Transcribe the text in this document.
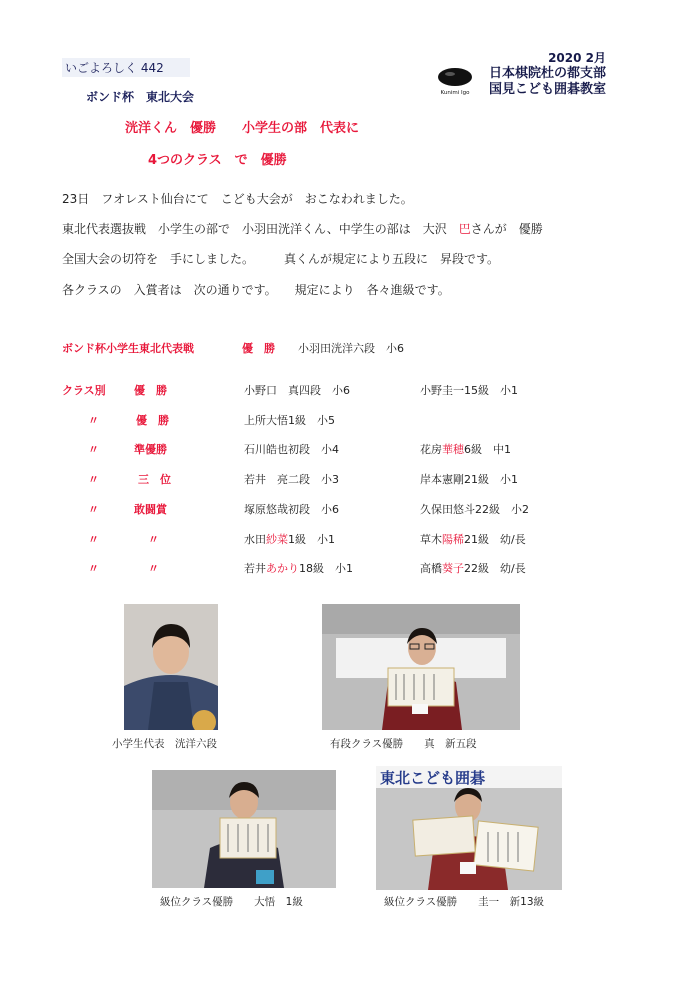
いごよろしく 442
ボンド杯　東北大会
洸洋くん　優勝　　小学生の部　代表に
4つのクラス　で　優勝
Kunimi Igo
2020 2月
日本棋院杜の都支部
国見こども囲碁教室
23日　フオレスト仙台にて　こども大会が　おこなわれました。
東北代表選抜戦　小学生の部で　小羽田洸洋くん、中学生の部は　大沢　巴さんが　優勝
全国大会の切符を　手にしました。　　　真くんが規定により五段に　昇段です。
各クラスの　入賞者は　次の通りです。　　規定により　各々進級です。
ボンド杯小学生東北代表戦	優　勝 小羽田洸洋六段　小6
クラス別	優　勝	小野口　真四段　小6	小野圭一15級　小1
〃	優　勝	上所大悟1級　小5
〃	準優勝	石川皓也初段　小4	花房華穂6級　中1
〃	三　位	若井　亮二段　小3	岸本憲剛21級　小1
〃	敢闘賞	塚原悠哉初段　小6	久保田悠斗22級　小2
〃	〃	水田紗菜1級　小1	草木陽稀21級　幼/長
〃	〃	若井あかり18級　小1	高橋葵子22級　幼/長
小学生代表　洸洋六段	有段クラス優勝　　真　新五段
級位クラス優勝　　大悟　1級
東北こども囲碁
級位クラス優勝　　圭一　新13級
